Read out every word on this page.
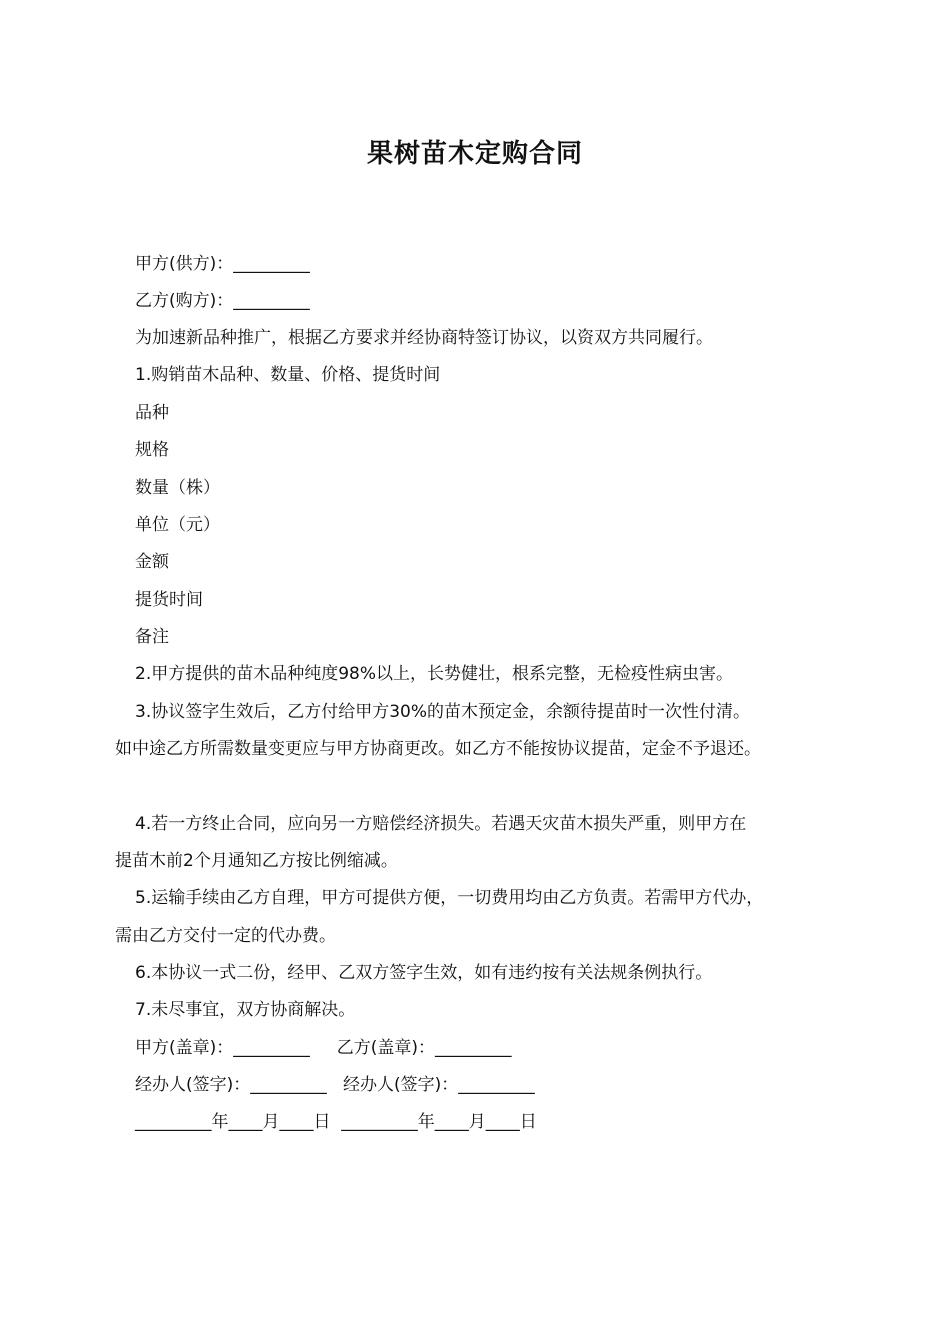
果树苗木定购合同
甲方(供方)：_________
乙方(购方)：_________
为加速新品种推广，根据乙方要求并经协商特签订协议，以资双方共同履行。
1.购销苗木品种、数量、价格、提货时间
品种
规格
数量（株）
单位（元）
金额
提货时间
备注
2.甲方提供的苗木品种纯度98%以上，长势健壮，根系完整，无检疫性病虫害。
3.协议签字生效后，乙方付给甲方30%的苗木预定金，余额待提苗时一次性付清。
如中途乙方所需数量变更应与甲方协商更改。如乙方不能按协议提苗，定金不予退还。
4.若一方终止合同，应向另一方赔偿经济损失。若遇天灾苗木损失严重，则甲方在
提苗木前2个月通知乙方按比例缩减。
5.运输手续由乙方自理，甲方可提供方便，一切费用均由乙方负责。若需甲方代办，
需由乙方交付一定的代办费。
6.本协议一式二份，经甲、乙双方签字生效，如有违约按有关法规条例执行。
7.未尽事宜，双方协商解决。
甲方(盖章)：_________     乙方(盖章)：_________
经办人(签字)：_________   经办人(签字)：_________
_________年____月____日  _________年____月____日
